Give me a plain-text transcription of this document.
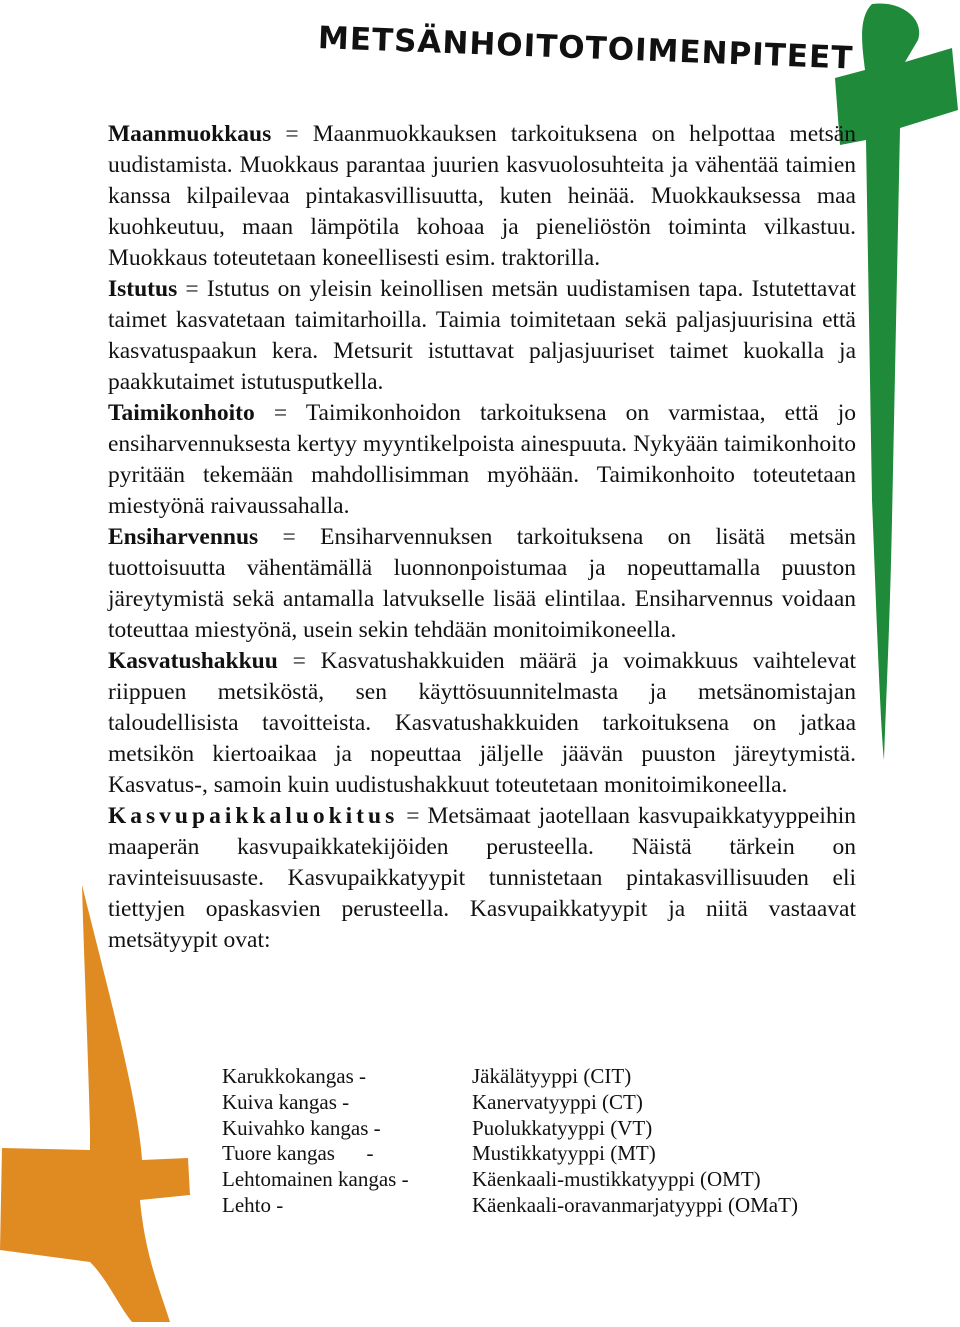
METSÄNHOITOTOIMENPITEET

Maanmuokkaus = Maanmuokkauksen tarkoituksena on helpottaa metsän uudistamista. Muokkaus parantaa juurien kasvuolosuhteita ja vähentää taimien kanssa kilpailevaa pintakasvillisuutta, kuten heinää. Muokkauksessa maa kuohkeutuu, maan lämpötila kohoaa ja pieneliöstön toiminta vilkastuu. Muokkaus toteutetaan koneellisesti esim. traktorilla.

Istutus = Istutus on yleisin keinollisen metsän uudistamisen tapa. Istutettavat taimet kasvatetaan taimitarhoilla. Taimia toimitetaan sekä paljasjuurisina että kasvatuspaakun kera. Metsurit istuttavat paljasjuuriset taimet kuokalla ja paakkutaimet istutusputkella.

Taimikonhoito = Taimikonhoidon tarkoituksena on varmistaa, että jo ensiharvennuksesta kertyy myyntikelpoista ainespuuta. Nykyään taimikonhoito pyritään tekemään mahdollisimman myöhään. Taimikonhoito toteutetaan miestyönä raivaussahalla.

Ensiharvennus = Ensiharvennuksen tarkoituksena on lisätä metsän tuottoisuutta vähentämällä luonnonpoistumaa ja nopeuttamalla puuston järeytymistä sekä antamalla latvukselle lisää elintilaa. Ensiharvennus voidaan toteuttaa miestyönä, usein sekin tehdään monitoimikoneella.

Kasvatushakkuu = Kasvatushakkuiden määrä ja voimakkuus vaihtelevat riippuen metsiköstä, sen käyttösuunnitelmasta ja metsänomistajan taloudellisista tavoitteista. Kasvatushakkuiden tarkoituksena on jatkaa metsikön kiertoaikaa ja nopeuttaa jäljelle jäävän puuston järeytymistä. Kasvatus-, samoin kuin uudistushakkuut toteutetaan monitoimikoneella.

Kasvupaikkaluokitus = Metsämaat jaotellaan kasvupaikkatyyppeihin maaperän kasvupaikkatekijöiden perusteella. Näistä tärkein on ravinteisuusaste. Kasvupaikkatyypit tunnistetaan pintakasvillisuuden eli tiettyjen opaskasvien perusteella. Kasvupaikkatyypit ja niitä vastaavat metsätyypit ovat:

Karukkokangas -	Jäkälätyyppi (CIT)
Kuiva kangas -	Kanervatyyppi (CT)
Kuivahko kangas -	Puolukkatyyppi (VT)
Tuore kangas      -	Mustikkatyyppi (MT)
Lehtomainen kangas -	Käenkaali-mustikkatyyppi (OMT)
Lehto -	Käenkaali-oravanmarjatyyppi (OMaT)
